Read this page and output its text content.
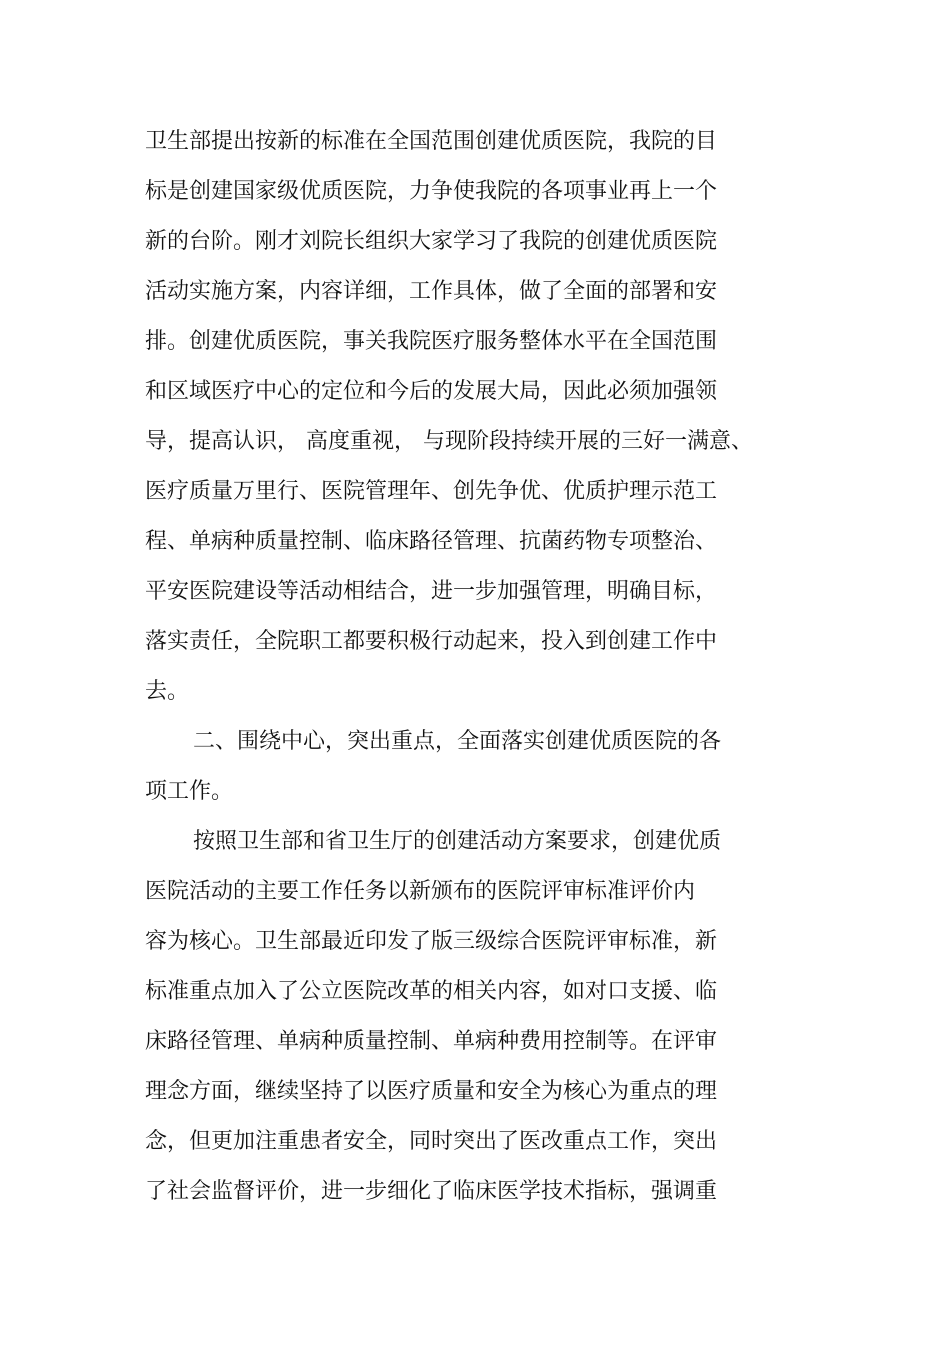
卫生部提出按新的标准在全国范围创建优质医院，我院的目
标是创建国家级优质医院，力争使我院的各项事业再上一个
新的台阶。刚才刘院长组织大家学习了我院的创建优质医院
活动实施方案，内容详细，工作具体，做了全面的部署和安
排。创建优质医院，事关我院医疗服务整体水平在全国范围
和区域医疗中心的定位和今后的发展大局，因此必须加强领
导，提高认识， 高度重视， 与现阶段持续开展的三好一满意、
医疗质量万里行、医院管理年、创先争优、优质护理示范工
程、单病种质量控制、临床路径管理、抗菌药物专项整治、
平安医院建设等活动相结合，进一步加强管理，明确目标，
落实责任，全院职工都要积极行动起来，投入到创建工作中
去。
二、围绕中心，突出重点，全面落实创建优质医院的各
项工作。
按照卫生部和省卫生厅的创建活动方案要求，创建优质
医院活动的主要工作任务以新颁布的医院评审标准评价内
容为核心。卫生部最近印发了版三级综合医院评审标准，新
标准重点加入了公立医院改革的相关内容，如对口支援、临
床路径管理、单病种质量控制、单病种费用控制等。在评审
理念方面，继续坚持了以医疗质量和安全为核心为重点的理
念，但更加注重患者安全，同时突出了医改重点工作，突出
了社会监督评价，进一步细化了临床医学技术指标，强调重
